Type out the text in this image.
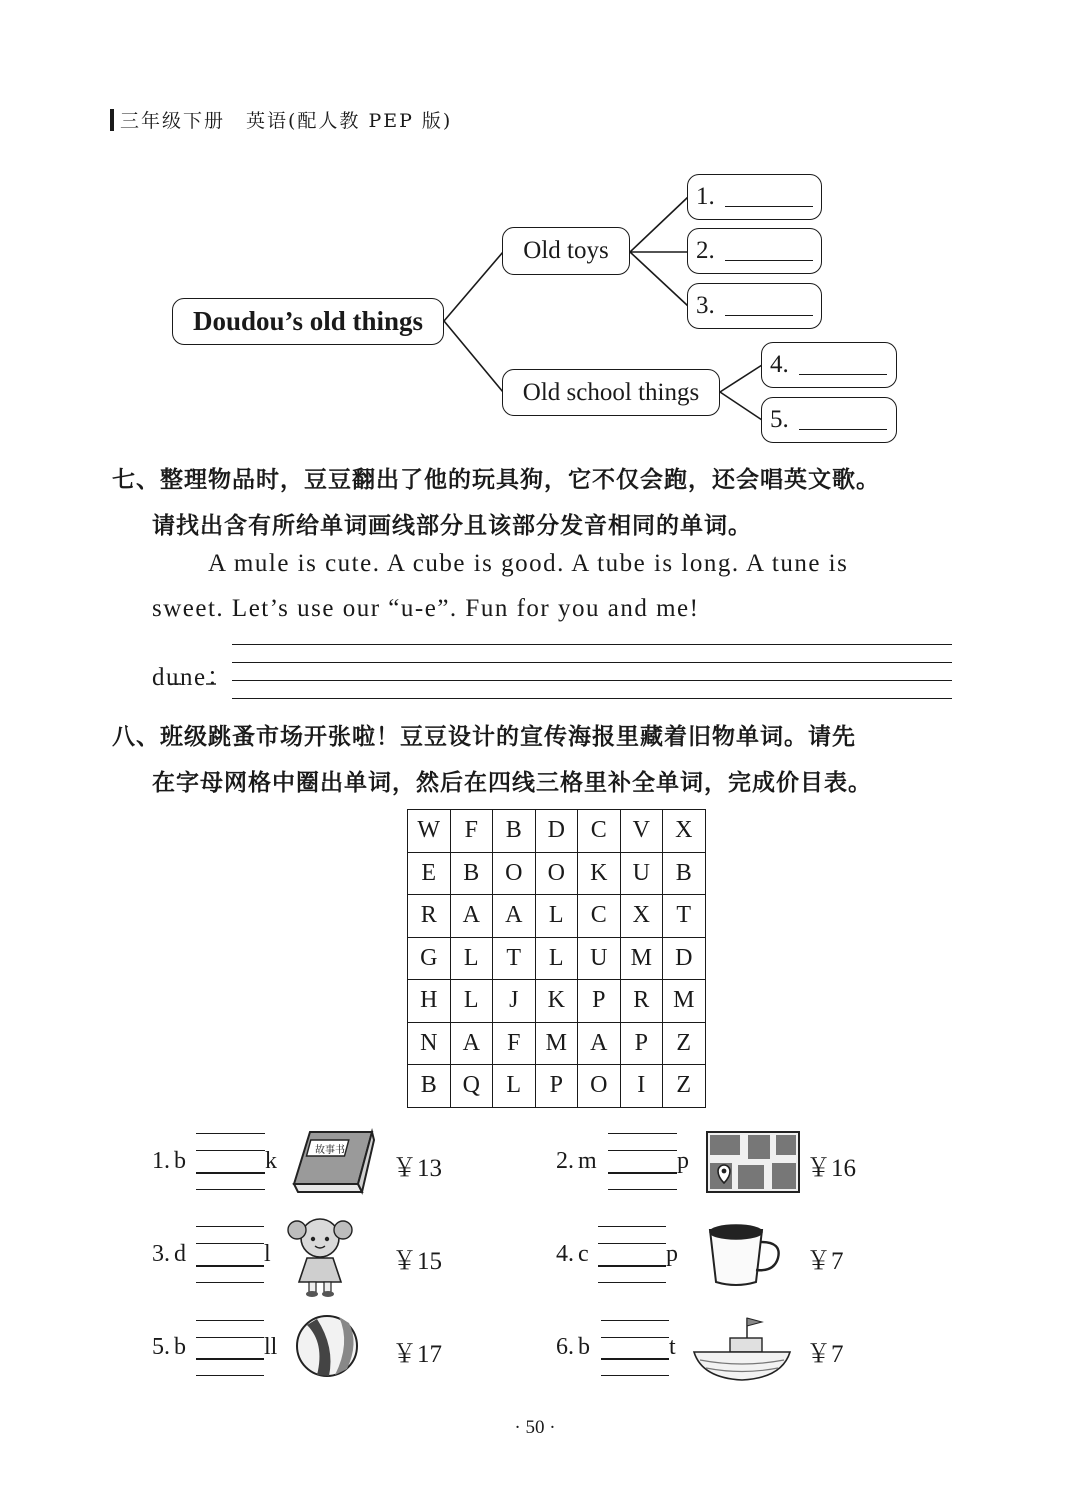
三年级下册　英语(配人教 PEP 版)
Doudou’s old things
Old toys
Old school things
1.
2.
3.
4.
5.
七、整理物品时，豆豆翻出了他的玩具狗，它不仅会跑，还会唱英文歌。
请找出含有所给单词画线部分且该部分发音相同的单词。
A mule is cute. A cube is good. A tube is long. A tune is
sweet. Let’s use our “u-e”. Fun for you and me!
dune：
八、班级跳蚤市场开张啦！豆豆设计的宣传海报里藏着旧物单词。请先
在字母网格中圈出单词，然后在四线三格里补全单词，完成价目表。
W	F	B	D	C	V	X
E	B	O	O	K	U	B
R	A	A	L	C	X	T
G	L	T	L	U	M	D
H	L	J	K	P	R	M
N	A	F	M	A	P	Z
B	Q	L	P	O	I	Z
1. b	k	￥13	2. m	p	￥16
3. d	l	￥15	4. c	p	￥7
5. b	ll	￥17	6. b	t	￥7
故事书
· 50 ·
